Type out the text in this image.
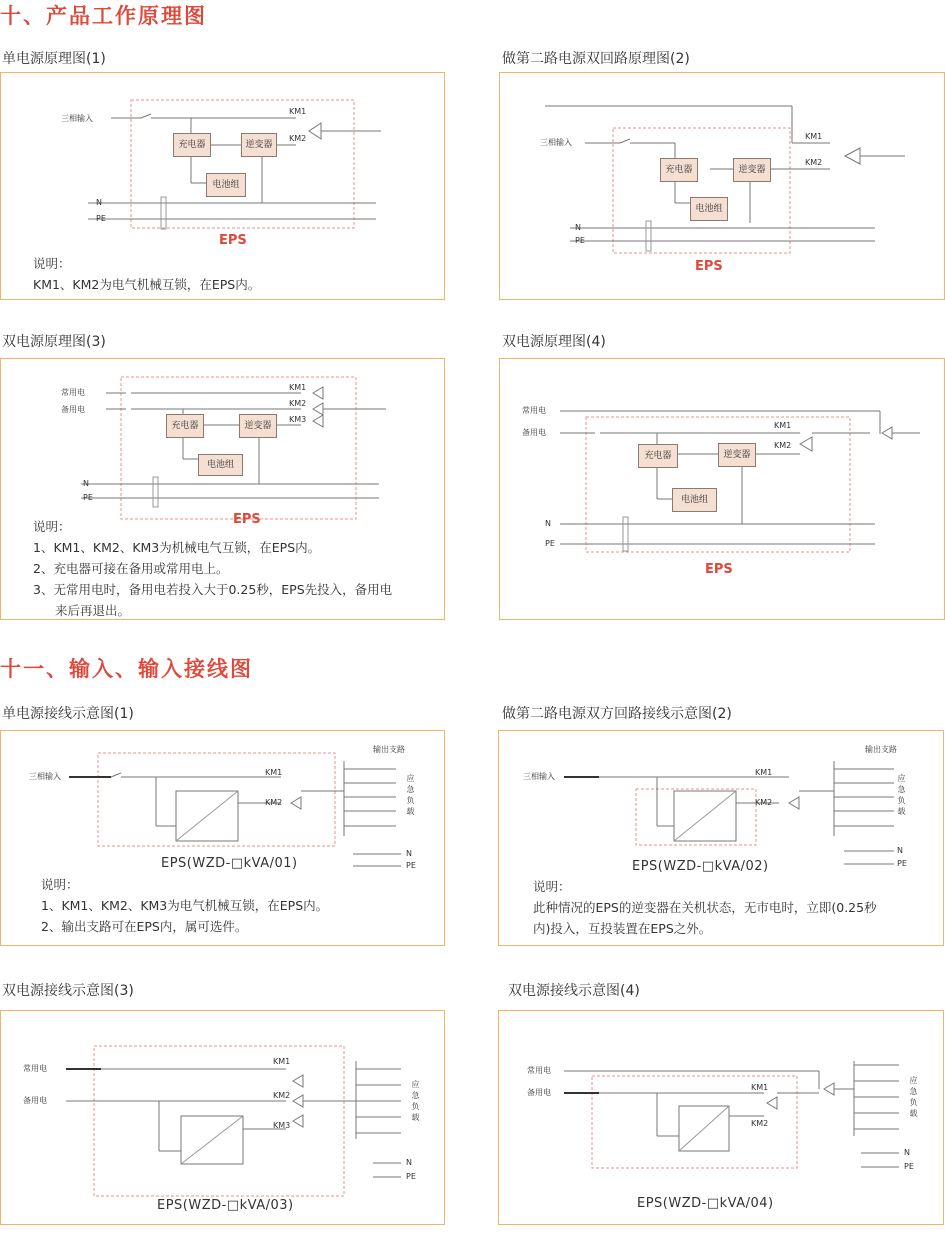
十、产品工作原理图
单电源原理图(1)
三相输入
KM1
KM2
充电器	逆变器
电池组
N
PE
EPS
说明：
KM1、KM2为电气机械互锁，在EPS内。
做第二路电源双回路原理图(2)
三相输入
KM1
KM2
充电器	逆变器
电池组
N
PE
EPS
双电源原理图(3)
常用电
备用电
KM1
KM2
KM3
充电器	逆变器
电池组
N
PE
EPS
说明：
1、KM1、KM2、KM3为机械电气互锁，在EPS内。
2、充电器可接在备用或常用电上。
3、无常用电时，备用电若投入大于0.25秒，EPS先投入，备用电
来后再退出。
双电源原理图(4)
常用电
备用电
KM1
KM2
充电器	逆变器
电池组
N
PE
EPS
十一、输入、输入接线图
单电源接线示意图(1)
三相输入	KM1
KM2
输出支路
应
急
负
载
N
PE
EPS(WZD-□kVA/01)
说明：
1、KM1、KM2、KM3为电气机械互锁，在EPS内。
2、输出支路可在EPS内，属可选件。
做第二路电源双方回路接线示意图(2)
三相输入	KM1
KM2
输出支路
应
急
负
载
N
PE
EPS(WZD-□kVA/02)
说明：
此种情况的EPS的逆变器在关机状态，无市电时，立即(0.25秒
内)投入，互投装置在EPS之外。
双电源接线示意图(3)
常用电
备用电
KM1
KM2
KM3
应
急
负
载
N
PE
EPS(WZD-□kVA/03)
双电源接线示意图(4)
常用电
备用电
KM1
KM2
应
急
负
载
N
PE
EPS(WZD-□kVA/04)
